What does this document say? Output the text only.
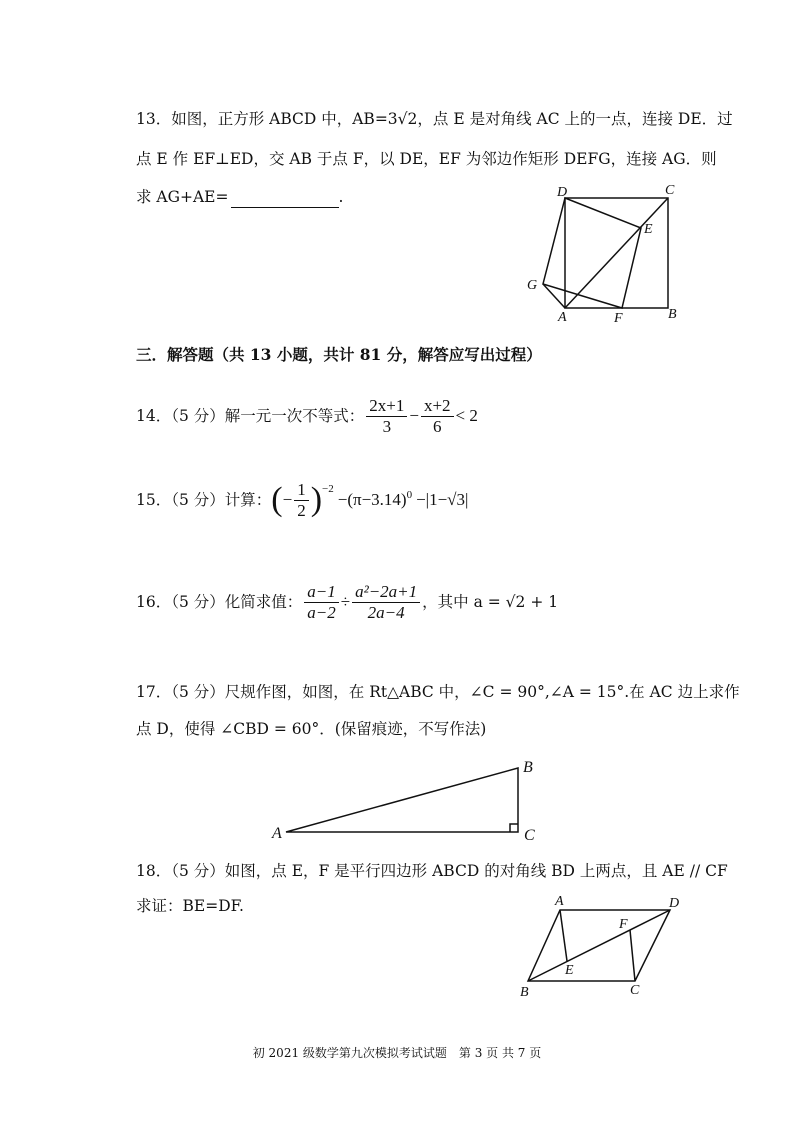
13．如图，正方形 ABCD 中，AB=3√2，点 E 是对角线 AC 上的一点，连接 DE．过
点 E 作 EF⊥ED，交 AB 于点 F，以 DE，EF 为邻边作矩形 DEFG，连接 AG．则
求 AG+AE=	.	D	C
E
G
A	F	B
三．解答题（共 13 小题，共计 81 分，解答应写出过程）
14．（5 分）解一元一次不等式： $\frac{2x+1}{3} - \frac{x+2}{6} < 2$
15．（5 分）计算： ( − $\frac{1}{2}$ ) −2
−(π−3.14) 0 −|1−√3|
16．（5 分）化简求值： $\frac{a-1}{a-2} \div \frac{\text{a²−2a+1}}{2a-4}$ ，其中 a = √2 + 1
17．（5 分）尺规作图，如图，在 Rt△ABC 中，∠C = 90°,∠A = 15°.在 AC 边上求作
点 D，使得 ∠CBD = 60°．(保留痕迹，不写作法)
A
B
C
18．（5 分）如图，点 E，F 是平行四边形 ABCD 的对角线 BD 上两点，且 AE // CF
求证：BE=DF.	A	D
F
E
B	C
初 2021 级数学第九次模拟考试试题　第 3 页 共 7 页
